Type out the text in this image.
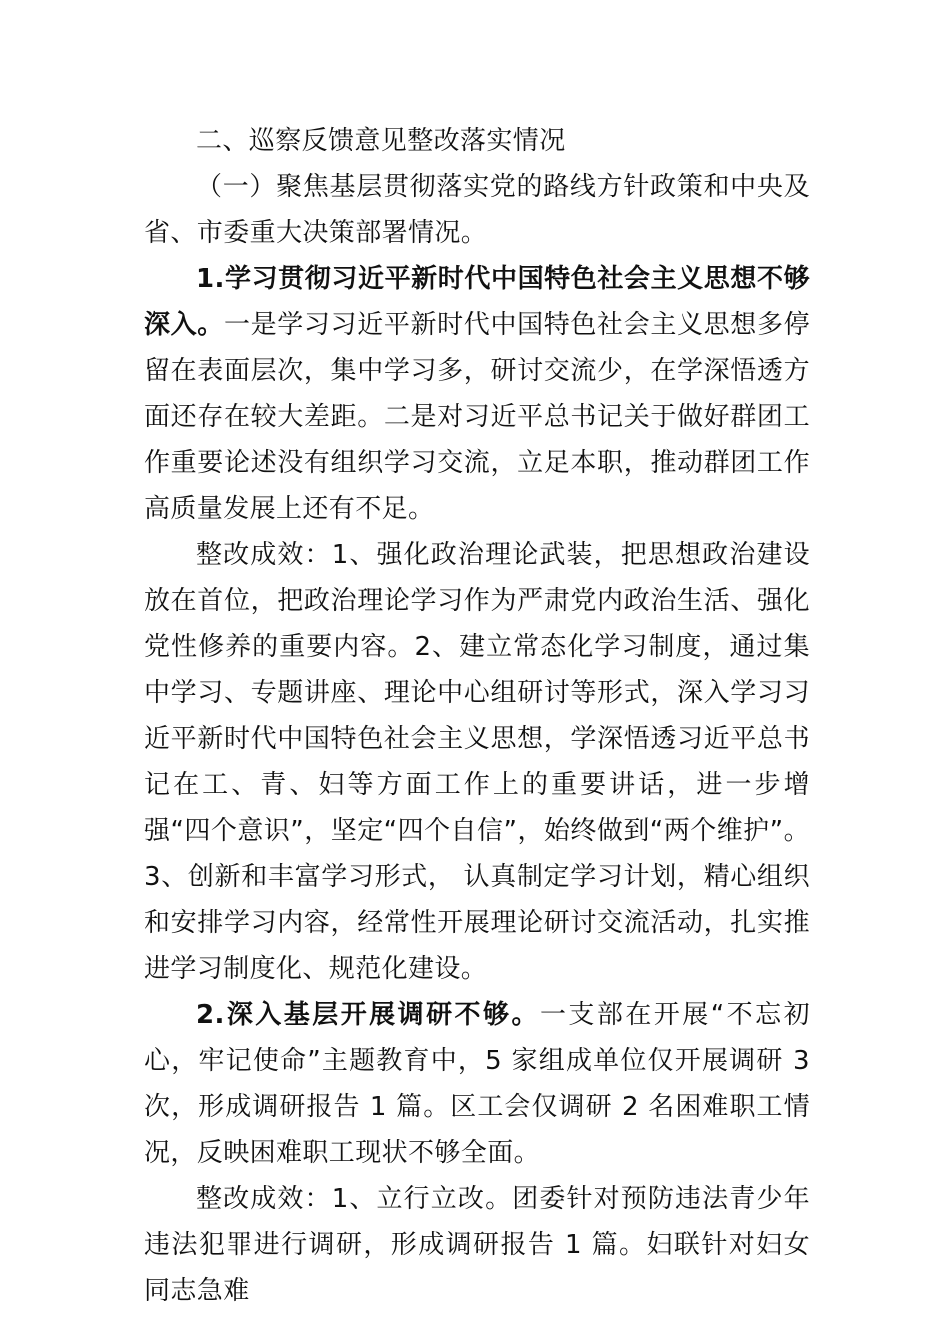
二、巡察反馈意见整改落实情况

（一）聚焦基层贯彻落实党的路线方针政策和中央及省、市委重大决策部署情况。

1.学习贯彻习近平新时代中国特色社会主义思想不够深入。一是学习习近平新时代中国特色社会主义思想多停留在表面层次，集中学习多，研讨交流少，在学深悟透方面还存在较大差距。二是对习近平总书记关于做好群团工作重要论述没有组织学习交流，立足本职，推动群团工作高质量发展上还有不足。

整改成效：1、强化政治理论武装，把思想政治建设放在首位，把政治理论学习作为严肃党内政治生活、强化党性修养的重要内容。2、建立常态化学习制度，通过集中学习、专题讲座、理论中心组研讨等形式，深入学习习近平新时代中国特色社会主义思想，学深悟透习近平总书记在工、青、妇等方面工作上的重要讲话，进一步增强“四个意识”，坚定“四个自信”，始终做到“两个维护”。3、创新和丰富学习形式， 认真制定学习计划，精心组织和安排学习内容，经常性开展理论研讨交流活动，扎实推进学习制度化、规范化建设。

2.深入基层开展调研不够。一支部在开展“不忘初心，牢记使命”主题教育中，5 家组成单位仅开展调研 3 次，形成调研报告 1 篇。区工会仅调研 2 名困难职工情况，反映困难职工现状不够全面。

整改成效：1、立行立改。团委针对预防违法青少年违法犯罪进行调研，形成调研报告 1 篇。妇联针对妇女同志急难
